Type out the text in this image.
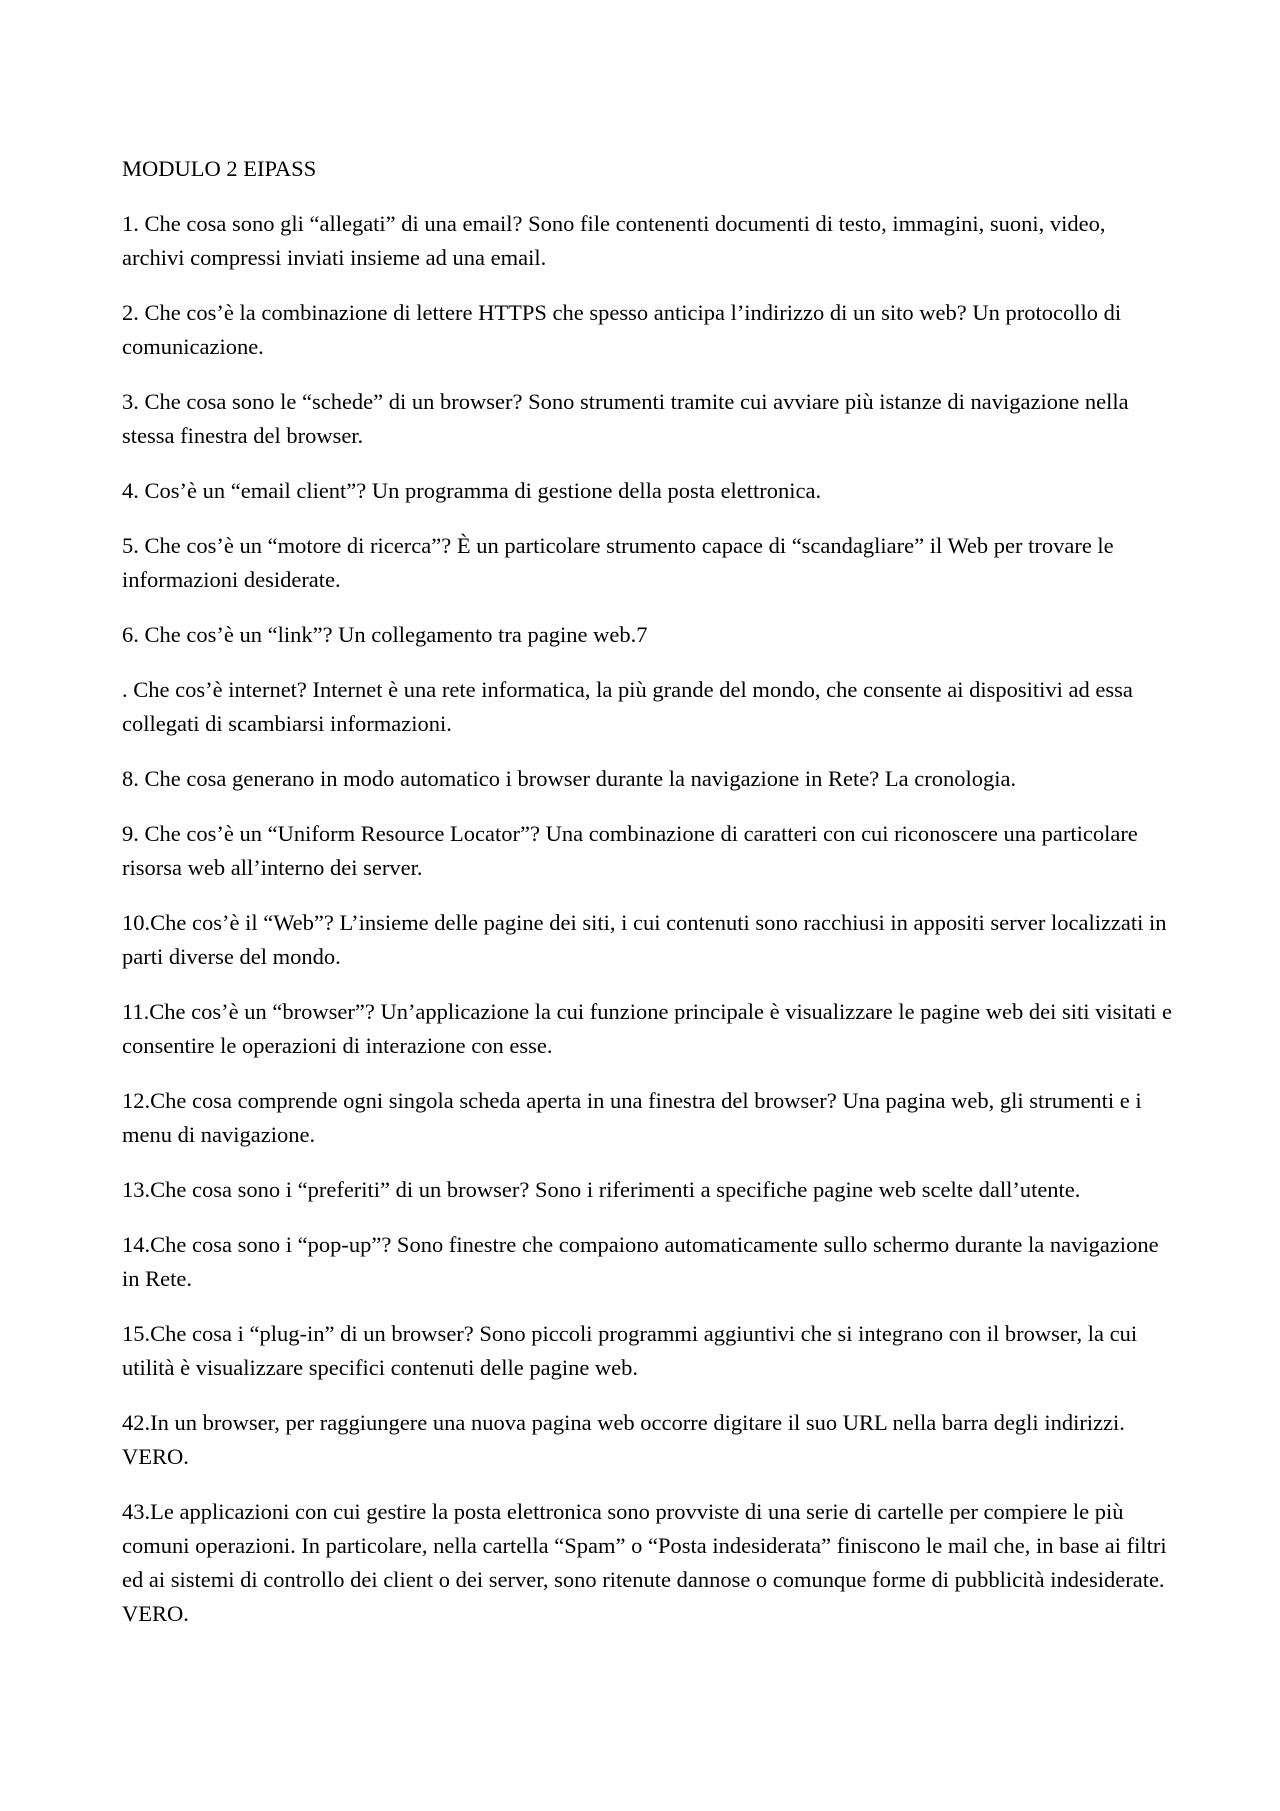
MODULO 2 EIPASS
1. Che cosa sono gli “allegati” di una email? Sono file contenenti documenti di testo, immagini, suoni, video, archivi compressi inviati insieme ad una email.
2. Che cos’è la combinazione di lettere HTTPS che spesso anticipa l’indirizzo di un sito web? Un protocollo di comunicazione.
3. Che cosa sono le “schede” di un browser? Sono strumenti tramite cui avviare più istanze di navigazione nella stessa finestra del browser.
4. Cos’è un “email client”? Un programma di gestione della posta elettronica.
5. Che cos’è un “motore di ricerca”? È un particolare strumento capace di “scandagliare” il Web per trovare le informazioni desiderate.
6. Che cos’è un “link”? Un collegamento tra pagine web.7
. Che cos’è internet? Internet è una rete informatica, la più grande del mondo, che consente ai dispositivi ad essa collegati di scambiarsi informazioni.
8. Che cosa generano in modo automatico i browser durante la navigazione in Rete? La cronologia.
9. Che cos’è un “Uniform Resource Locator”? Una combinazione di caratteri con cui riconoscere una particolare risorsa web all’interno dei server.
10.Che cos’è il “Web”? L’insieme delle pagine dei siti, i cui contenuti sono racchiusi in appositi server localizzati in parti diverse del mondo.
11.Che cos’è un “browser”? Un’applicazione la cui funzione principale è visualizzare le pagine web dei siti visitati e consentire le operazioni di interazione con esse.
12.Che cosa comprende ogni singola scheda aperta in una finestra del browser? Una pagina web, gli strumenti e i menu di navigazione.
13.Che cosa sono i “preferiti” di un browser? Sono i riferimenti a specifiche pagine web scelte dall’utente.
14.Che cosa sono i “pop-up”? Sono finestre che compaiono automaticamente sullo schermo durante la navigazione in Rete.
15.Che cosa i “plug-in” di un browser? Sono piccoli programmi aggiuntivi che si integrano con il browser, la cui utilità è visualizzare specifici contenuti delle pagine web.
42.In un browser, per raggiungere una nuova pagina web occorre digitare il suo URL nella barra degli indirizzi. VERO.
43.Le applicazioni con cui gestire la posta elettronica sono provviste di una serie di cartelle per compiere le più comuni operazioni. In particolare, nella cartella “Spam” o “Posta indesiderata” finiscono le mail che, in base ai filtri ed ai sistemi di controllo dei client o dei server, sono ritenute dannose o comunque forme di pubblicità indesiderate. VERO.
